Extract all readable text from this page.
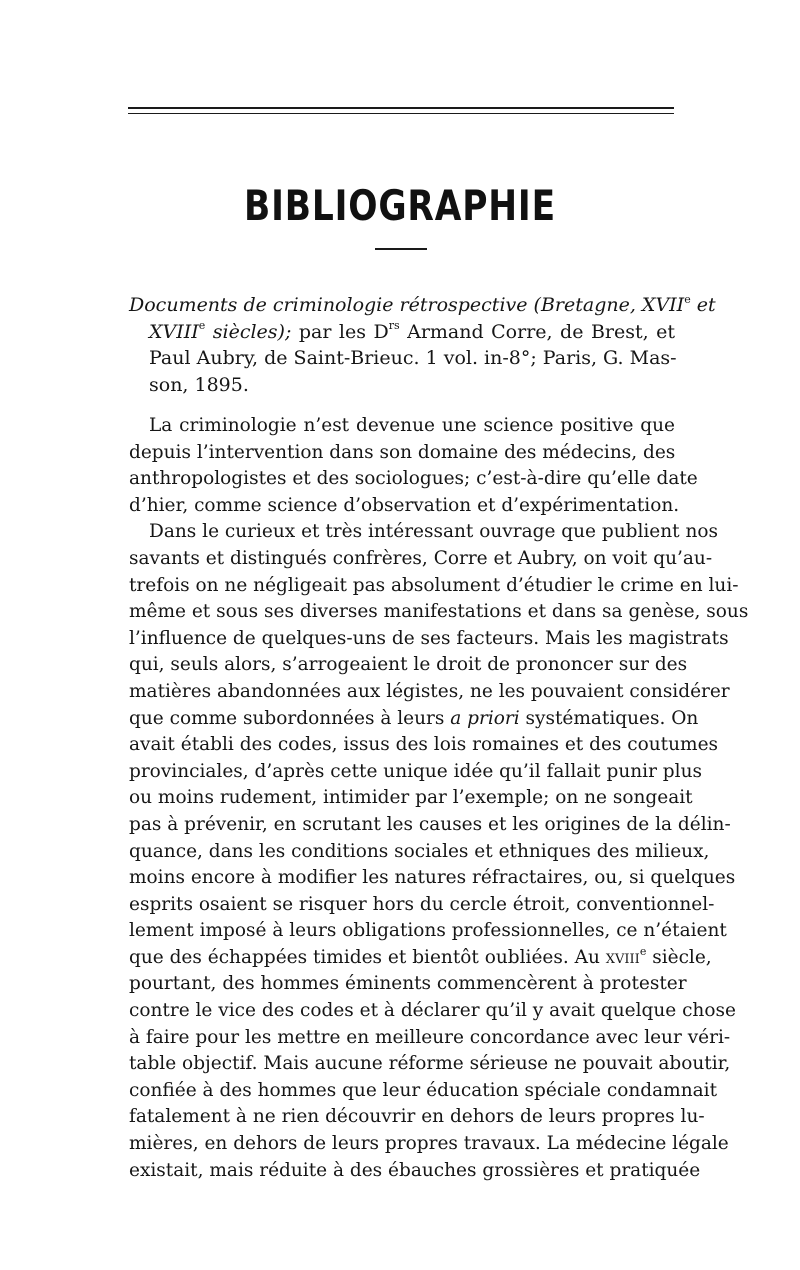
BIBLIOGRAPHIE
Documents de criminologie rétrospective (Bretagne, XVIIe et
XVIIIe siècles); par les $D^{rs}$ Armand Corre, de Brest, et
Paul Aubry, de Saint-Brieuc. 1 vol. in-8°; Paris, G. Mas-
son, 1895.
La criminologie n’est devenue une science positive que
depuis l’intervention dans son domaine des médecins, des
anthropologistes et des sociologues; c’est-à-dire qu’elle date
d’hier, comme science d’observation et d’expérimentation.
Dans le curieux et très intéressant ouvrage que publient nos
savants et distingués confrères, Corre et Aubry, on voit qu’au-
trefois on ne négligeait pas absolument d’étudier le crime en lui-
même et sous ses diverses manifestations et dans sa genèse, sous
l’influence de quelques-uns de ses facteurs. Mais les magistrats
qui, seuls alors, s’arrogeaient le droit de prononcer sur des
matières abandonnées aux légistes, ne les pouvaient considérer
que comme subordonnées à leurs a priori systématiques. On
avait établi des codes, issus des lois romaines et des coutumes
provinciales, d’après cette unique idée qu’il fallait punir plus
ou moins rudement, intimider par l’exemple; on ne songeait
pas à prévenir, en scrutant les causes et les origines de la délin-
quance, dans les conditions sociales et ethniques des milieux,
moins encore à modifier les natures réfractaires, ou, si quelques
esprits osaient se risquer hors du cercle étroit, conventionnel-
lement imposé à leurs obligations professionnelles, ce n’étaient
que des échappées timides et bientôt oubliées. Au xviii$^e$ siècle,
pourtant, des hommes éminents commencèrent à protester
contre le vice des codes et à déclarer qu’il y avait quelque chose
à faire pour les mettre en meilleure concordance avec leur véri-
table objectif. Mais aucune réforme sérieuse ne pouvait aboutir,
confiée à des hommes que leur éducation spéciale condamnait
fatalement à ne rien découvrir en dehors de leurs propres lu-
mières, en dehors de leurs propres travaux. La médecine légale
existait, mais réduite à des ébauches grossières et pratiquée
